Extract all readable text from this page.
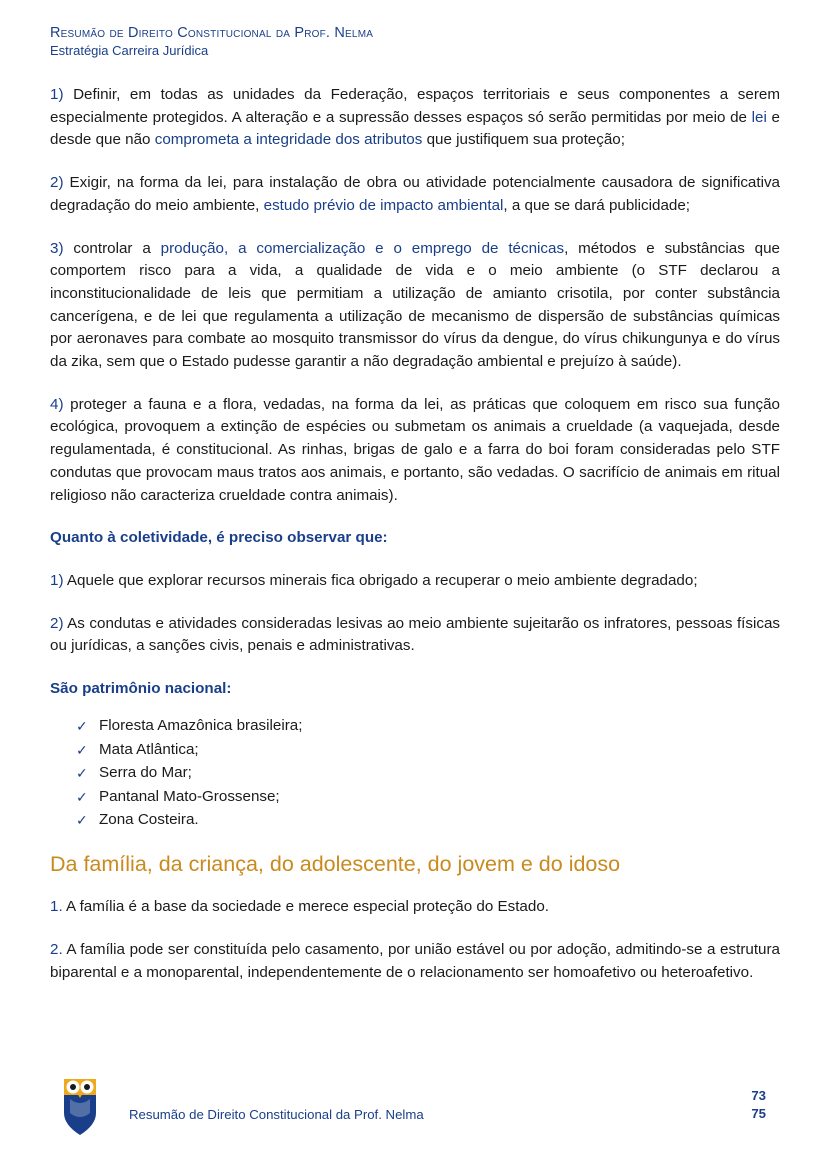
Resumão de Direito Constitucional da Prof. Nelma

Estratégia Carreira Jurídica

1) Definir, em todas as unidades da Federação, espaços territoriais e seus componentes a serem especialmente protegidos. A alteração e a supressão desses espaços só serão permitidas por meio de lei e desde que não comprometa a integridade dos atributos que justifiquem sua proteção;

2) Exigir, na forma da lei, para instalação de obra ou atividade potencialmente causadora de significativa degradação do meio ambiente, estudo prévio de impacto ambiental, a que se dará publicidade;

3) controlar a produção, a comercialização e o emprego de técnicas, métodos e substâncias que comportem risco para a vida, a qualidade de vida e o meio ambiente (o STF declarou a inconstitucionalidade de leis que permitiam a utilização de amianto crisotila, por conter substância cancerígena, e de lei que regulamenta a utilização de mecanismo de dispersão de substâncias químicas por aeronaves para combate ao mosquito transmissor do vírus da dengue, do vírus chikungunya e do vírus da zika, sem que o Estado pudesse garantir a não degradação ambiental e prejuízo à saúde).

4) proteger a fauna e a flora, vedadas, na forma da lei, as práticas que coloquem em risco sua função ecológica, provoquem a extinção de espécies ou submetam os animais a crueldade (a vaquejada, desde regulamentada, é constitucional. As rinhas, brigas de galo e a farra do boi foram consideradas pelo STF condutas que provocam maus tratos aos animais, e portanto, são vedadas. O sacrifício de animais em ritual religioso não caracteriza crueldade contra animais).

Quanto à coletividade, é preciso observar que:

1) Aquele que explorar recursos minerais fica obrigado a recuperar o meio ambiente degradado;

2) As condutas e atividades consideradas lesivas ao meio ambiente sujeitarão os infratores, pessoas físicas ou jurídicas, a sanções civis, penais e administrativas.

São patrimônio nacional:

✓ Floresta Amazônica brasileira;
✓ Mata Atlântica;
✓ Serra do Mar;
✓ Pantanal Mato-Grossense;
✓ Zona Costeira.
Da família, da criança, do adolescente, do jovem e do idoso

1. A família é a base da sociedade e merece especial proteção do Estado.

2. A família pode ser constituída pelo casamento, por união estável ou por adoção, admitindo-se a estrutura biparental e a monoparental, independentemente de o relacionamento ser homoafetivo ou heteroafetivo.

Resumão de Direito Constitucional da Prof. Nelma
73
75
